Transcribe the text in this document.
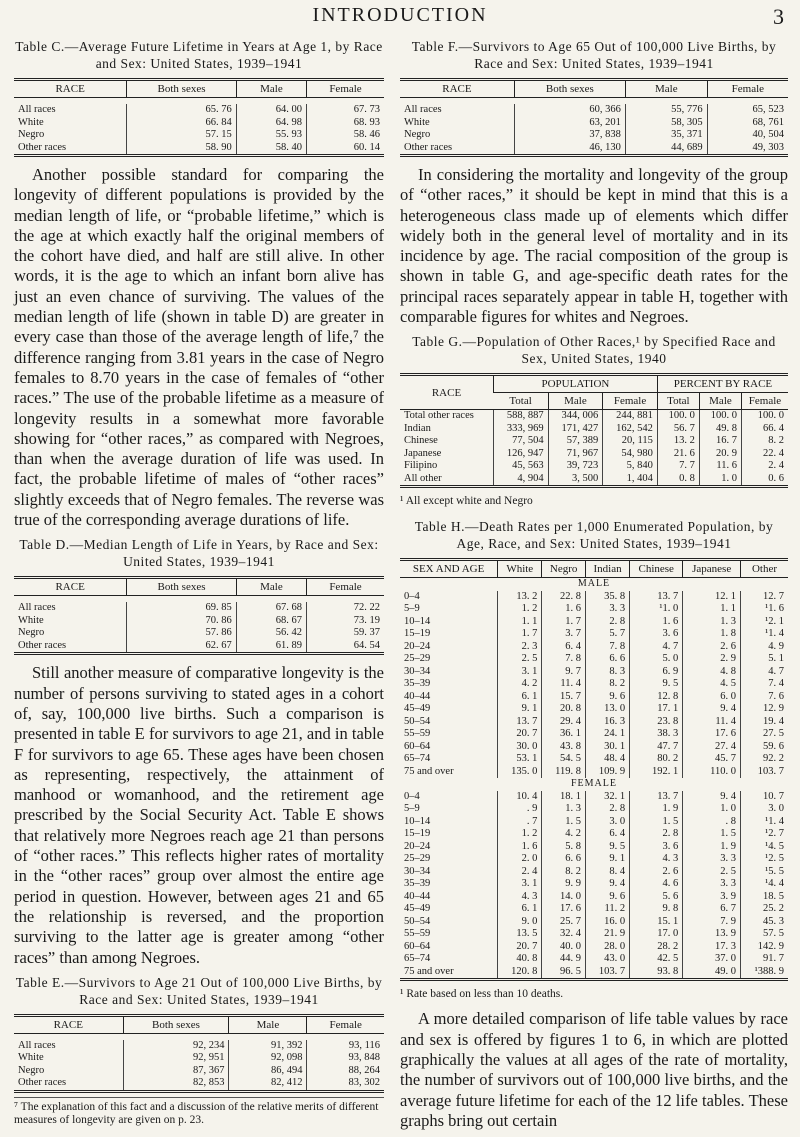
INTRODUCTION	3
Table C.—Average Future Lifetime in Years at Age 1, by Race and Sex: United States, 1939–1941
RACE	Both sexes	Male	Female

All races	65. 76	64. 00	67. 73
White	66. 84	64. 98	68. 93
Negro	57. 15	55. 93	58. 46
Other races	58. 90	58. 40	60. 14

Another possible standard for comparing the longevity of different populations is provided by the median length of life, or “probable lifetime,” which is the age at which exactly half the original members of the cohort have died, and half are still alive. In other words, it is the age to which an infant born alive has just an even chance of surviving. The values of the median length of life (shown in table D) are greater in every case than those of the average length of life,⁷ the difference ranging from 3.81 years in the case of Negro females to 8.70 years in the case of females of “other races.” The use of the probable lifetime as a measure of longevity results in a somewhat more favorable showing for “other races,” as compared with Negroes, than when the average duration of life was used. In fact, the probable lifetime of males of “other races” slightly exceeds that of Negro females. The reverse was true of the corresponding average durations of life.

Table D.—Median Length of Life in Years, by Race and Sex: United States, 1939–1941
RACE	Both sexes	Male	Female

All races	69. 85	67. 68	72. 22
White	70. 86	68. 67	73. 19
Negro	57. 86	56. 42	59. 37
Other races	62. 67	61. 89	64. 54

Still another measure of comparative longevity is the number of persons surviving to stated ages in a cohort of, say, 100,000 live births. Such a comparison is presented in table E for survivors to age 21, and in table F for survivors to age 65. These ages have been chosen as representing, respectively, the attainment of manhood or womanhood, and the retirement age prescribed by the Social Security Act. Table E shows that relatively more Negroes reach age 21 than persons of “other races.” This reflects higher rates of mortality in the “other races” group over almost the entire age period in question. However, between ages 21 and 65 the relationship is reversed, and the proportion surviving to the latter age is greater among “other races” than among Negroes.

Table E.—Survivors to Age 21 Out of 100,000 Live Births, by Race and Sex: United States, 1939–1941
RACE	Both sexes	Male	Female

All races	92, 234	91, 392	93, 116
White	92, 951	92, 098	93, 848
Negro	87, 367	86, 494	88, 264
Other races	82, 853	82, 412	83, 302
⁷ The explanation of this fact and a discussion of the relative merits of different measures of longevity are given on p. 23.
Table F.—Survivors to Age 65 Out of 100,000 Live Births, by Race and Sex: United States, 1939–1941
RACE	Both sexes	Male	Female

All races	60, 366	55, 776	65, 523
White	63, 201	58, 305	68, 761
Negro	37, 838	35, 371	40, 504
Other races	46, 130	44, 689	49, 303

In considering the mortality and longevity of the group of “other races,” it should be kept in mind that this is a heterogeneous class made up of elements which differ widely both in the general level of mortality and in its incidence by age. The racial composition of the group is shown in table G, and age-specific death rates for the principal races separately appear in table H, together with comparable figures for whites and Negroes.

Table G.—Population of Other Races,¹ by Specified Race and Sex, United States, 1940
RACE	POPULATION			PERCENT BY RACE		
	Total	Male	Female	Total	Male	Female
Total other races	588, 887	344, 006	244, 881	100. 0	100. 0	100. 0
Indian	333, 969	171, 427	162, 542	56. 7	49. 8	66. 4
Chinese	77, 504	57, 389	20, 115	13. 2	16. 7	8. 2
Japanese	126, 947	71, 967	54, 980	21. 6	20. 9	22. 4
Filipino	45, 563	39, 723	5, 840	7. 7	11. 6	2. 4
All other	4, 904	3, 500	1, 404	0. 8	1. 0	0. 6
¹ All except white and Negro
Table H.—Death Rates per 1,000 Enumerated Population, by Age, Race, and Sex: United States, 1939–1941
SEX AND AGE	White	Negro	Indian	Chinese	Japanese	Other
MALE						
0–4	13. 2	22. 8	35. 8	13. 7	12. 1	12. 7
5–9	1. 2	1. 6	3. 3	¹1. 0	1. 1	¹1. 6
10–14	1. 1	1. 7	2. 8	1. 6	1. 3	¹2. 1
15–19	1. 7	3. 7	5. 7	3. 6	1. 8	¹1. 4
20–24	2. 3	6. 4	7. 8	4. 7	2. 6	4. 9
25–29	2. 5	7. 8	6. 6	5. 0	2. 9	5. 1
30–34	3. 1	9. 7	8. 3	6. 9	4. 8	4. 7
35–39	4. 2	11. 4	8. 2	9. 5	4. 5	7. 4
40–44	6. 1	15. 7	9. 6	12. 8	6. 0	7. 6
45–49	9. 1	20. 8	13. 0	17. 1	9. 4	12. 9
50–54	13. 7	29. 4	16. 3	23. 8	11. 4	19. 4
55–59	20. 7	36. 1	24. 1	38. 3	17. 6	27. 5
60–64	30. 0	43. 8	30. 1	47. 7	27. 4	59. 6
65–74	53. 1	54. 5	48. 4	80. 2	45. 7	92. 2
75 and over	135. 0	119. 8	109. 9	192. 1	110. 0	103. 7
FEMALE						
0–4	10. 4	18. 1	32. 1	13. 7	9. 4	10. 7
5–9	. 9	1. 3	2. 8	1. 9	1. 0	3. 0
10–14	. 7	1. 5	3. 0	1. 5	. 8	¹1. 4
15–19	1. 2	4. 2	6. 4	2. 8	1. 5	¹2. 7
20–24	1. 6	5. 8	9. 5	3. 6	1. 9	¹4. 5
25–29	2. 0	6. 6	9. 1	4. 3	3. 3	¹2. 5
30–34	2. 4	8. 2	8. 4	2. 6	2. 5	¹5. 5
35–39	3. 1	9. 9	9. 4	4. 6	3. 3	¹4. 4
40–44	4. 3	14. 0	9. 6	5. 6	3. 9	18. 5
45–49	6. 1	17. 6	11. 2	9. 8	6. 7	25. 2
50–54	9. 0	25. 7	16. 0	15. 1	7. 9	45. 3
55–59	13. 5	32. 4	21. 9	17. 0	13. 9	57. 5
60–64	20. 7	40. 0	28. 0	28. 2	17. 3	142. 9
65–74	40. 8	44. 9	43. 0	42. 5	37. 0	91. 7
75 and over	120. 8	96. 5	103. 7	93. 8	49. 0	¹388. 9
¹ Rate based on less than 10 deaths.

A more detailed comparison of life table values by race and sex is offered by figures 1 to 6, in which are plotted graphically the values at all ages of the rate of mortality, the number of survivors out of 100,000 live births, and the average future lifetime for each of the 12 life tables. These graphs bring out certain
